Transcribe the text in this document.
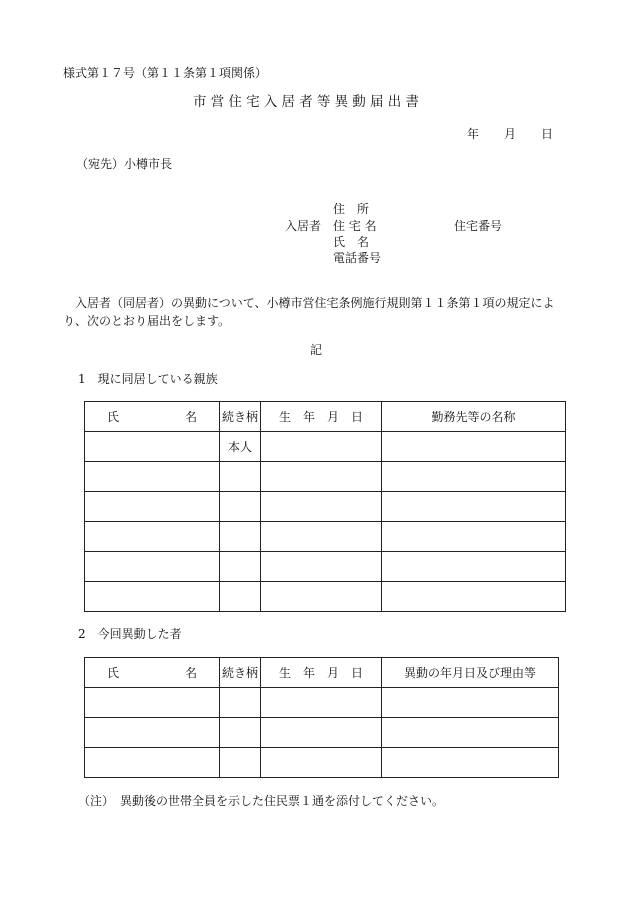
様式第１７号（第１１条第１項関係）
市営住宅入居者等異動届出書
年 月 日
（宛先）小樽市長
住　所
入居者 住 宅 名	住宅番号
氏　名
電話番号
入居者（同居者）の異動について、小樽市営住宅条例施行規則第１１条第１項の規定により、次のとおり届出をします。
記
1　現に同居している親族
氏 名	続き柄	生　年　月　日	勤務先等の名称
	本人		

2　今回異動した者
氏 名	続き柄	生　年　月　日	異動の年月日及び理由等

（注）　異動後の世帯全員を示した住民票１通を添付してください。
